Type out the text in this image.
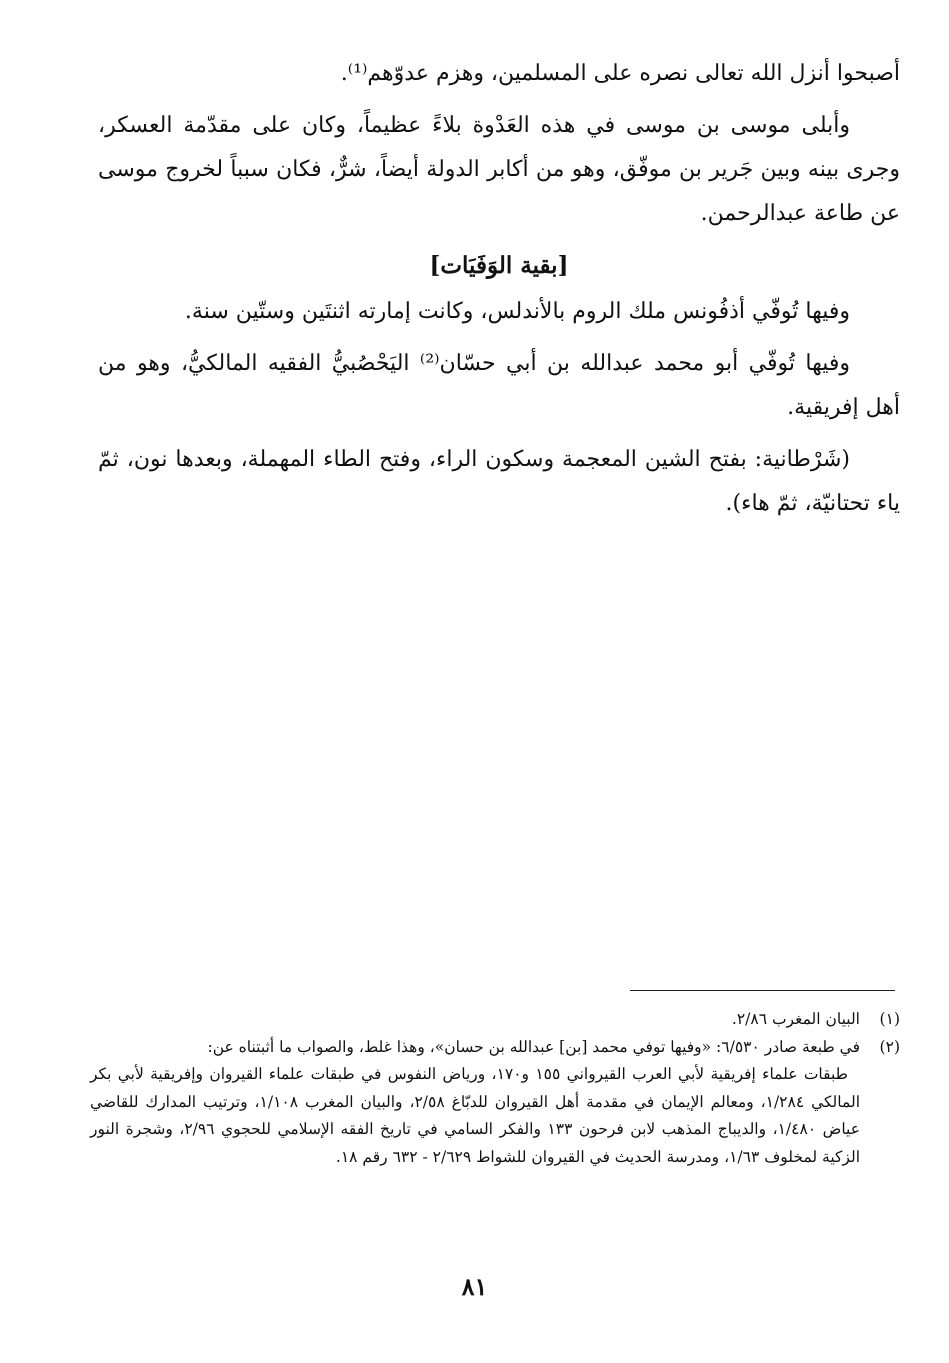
أصبحوا أنزل الله تعالى نصره على المسلمين، وهزم عدوّهم⁽¹⁾.

وأبلى موسى بن موسى في هذه العَدْوة بلاءً عظيماً، وكان على مقدّمة العسكر، وجرى بينه وبين جَرير بن موفّق، وهو من أكابر الدولة أيضاً، شرٌّ، فكان سبباً لخروج موسى عن طاعة عبدالرحمن.

[بقية الوَفَيَات]

وفيها تُوفّي أذفُونس ملك الروم بالأندلس، وكانت إمارته اثنتَين وستّين سنة.

وفيها تُوفّي أبو محمد عبدالله بن أبي حسّان⁽²⁾ اليَحْصُبيُّ الفقيه المالكيُّ، وهو من أهل إفريقية.

(شَرْطانية: بفتح الشين المعجمة وسكون الراء، وفتح الطاء المهملة، وبعدها نون، ثمّ ياء تحتانيّة، ثمّ هاء).

(١)
البيان المغرب ٢/٨٦.
(٢)
في طبعة صادر ٦/٥٣٠: «وفيها توفي محمد [بن] عبدالله بن حسان»، وهذا غلط، والصواب ما أثبتناه عن:
طبقات علماء إفريقية لأبي العرب القيرواني ١٥٥ و١٧٠، ورياض النفوس في طبقات علماء القيروان وإفريقية لأبي بكر المالكي ١/٢٨٤، ومعالم الإيمان في مقدمة أهل القيروان للدبّاغ ٢/٥٨، والبيان المغرب ١/١٠٨، وترتيب المدارك للقاضي عياض ١/٤٨٠، والديباج المذهب لابن فرحون ١٣٣ والفكر السامي في تاريخ الفقه الإسلامي للحجوي ٢/٩٦، وشجرة النور الزكية لمخلوف ١/٦٣، ومدرسة الحديث في القيروان للشواط ٢/٦٢٩ - ٦٣٢ رقم ١٨.
٨١
